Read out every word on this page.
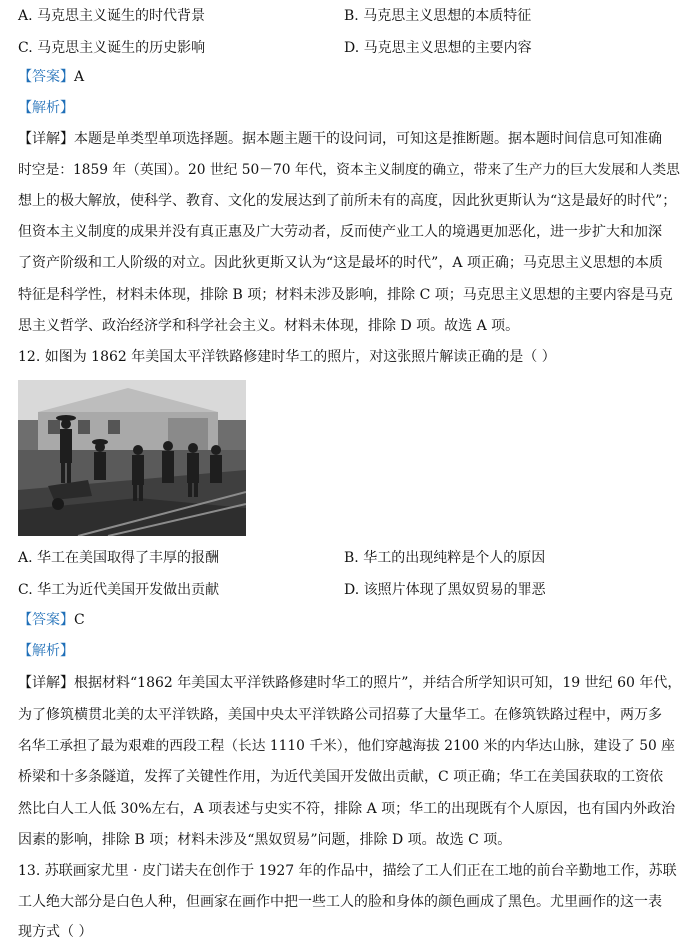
A. 马克思主义诞生的时代背景	B. 马克思主义思想的本质特征
C. 马克思主义诞生的历史影响	D. 马克思主义思想的主要内容
【答案】A
【解析】
【详解】本题是单类型单项选择题。据本题主题干的设问词，可知这是推断题。据本题时间信息可知准确
时空是：1859 年（英国）。20 世纪 50－70 年代，资本主义制度的确立，带来了生产力的巨大发展和人类思
想上的极大解放，使科学、教育、文化的发展达到了前所未有的高度，因此狄更斯认为“这是最好的时代”；
但资本主义制度的成果并没有真正惠及广大劳动者，反而使产业工人的境遇更加恶化，进一步扩大和加深
了资产阶级和工人阶级的对立。因此狄更斯又认为“这是最坏的时代”，A 项正确；马克思主义思想的本质
特征是科学性，材料未体现，排除 B 项；材料未涉及影响，排除 C 项；马克思主义思想的主要内容是马克
思主义哲学、政治经济学和科学社会主义。材料未体现，排除 D 项。故选 A 项。
12. 如图为 1862 年美国太平洋铁路修建时华工的照片，对这张照片解读正确的是（ ）
A. 华工在美国取得了丰厚的报酬	B. 华工的出现纯粹是个人的原因
C. 华工为近代美国开发做出贡献	D. 该照片体现了黑奴贸易的罪恶
【答案】C
【解析】
【详解】根据材料“1862 年美国太平洋铁路修建时华工的照片”，并结合所学知识可知，19 世纪 60 年代，
为了修筑横贯北美的太平洋铁路，美国中央太平洋铁路公司招募了大量华工。在修筑铁路过程中，两万多
名华工承担了最为艰难的西段工程（长达 1110 千米），他们穿越海拔 2100 米的内华达山脉，建设了 50 座
桥梁和十多条隧道，发挥了关键性作用，为近代美国开发做出贡献，C 项正确；华工在美国获取的工资依
然比白人工人低 30%左右，A 项表述与史实不符，排除 A 项；华工的出现既有个人原因，也有国内外政治
因素的影响，排除 B 项；材料未涉及“黑奴贸易”问题，排除 D 项。故选 C 项。
13. 苏联画家尤里 · 皮门诺夫在创作于 1927 年的作品中，描绘了工人们正在工地的前台辛勤地工作，苏联
工人绝大部分是白色人种，但画家在画作中把一些工人的脸和身体的颜色画成了黑色。尤里画作的这一表
现方式（ ）
